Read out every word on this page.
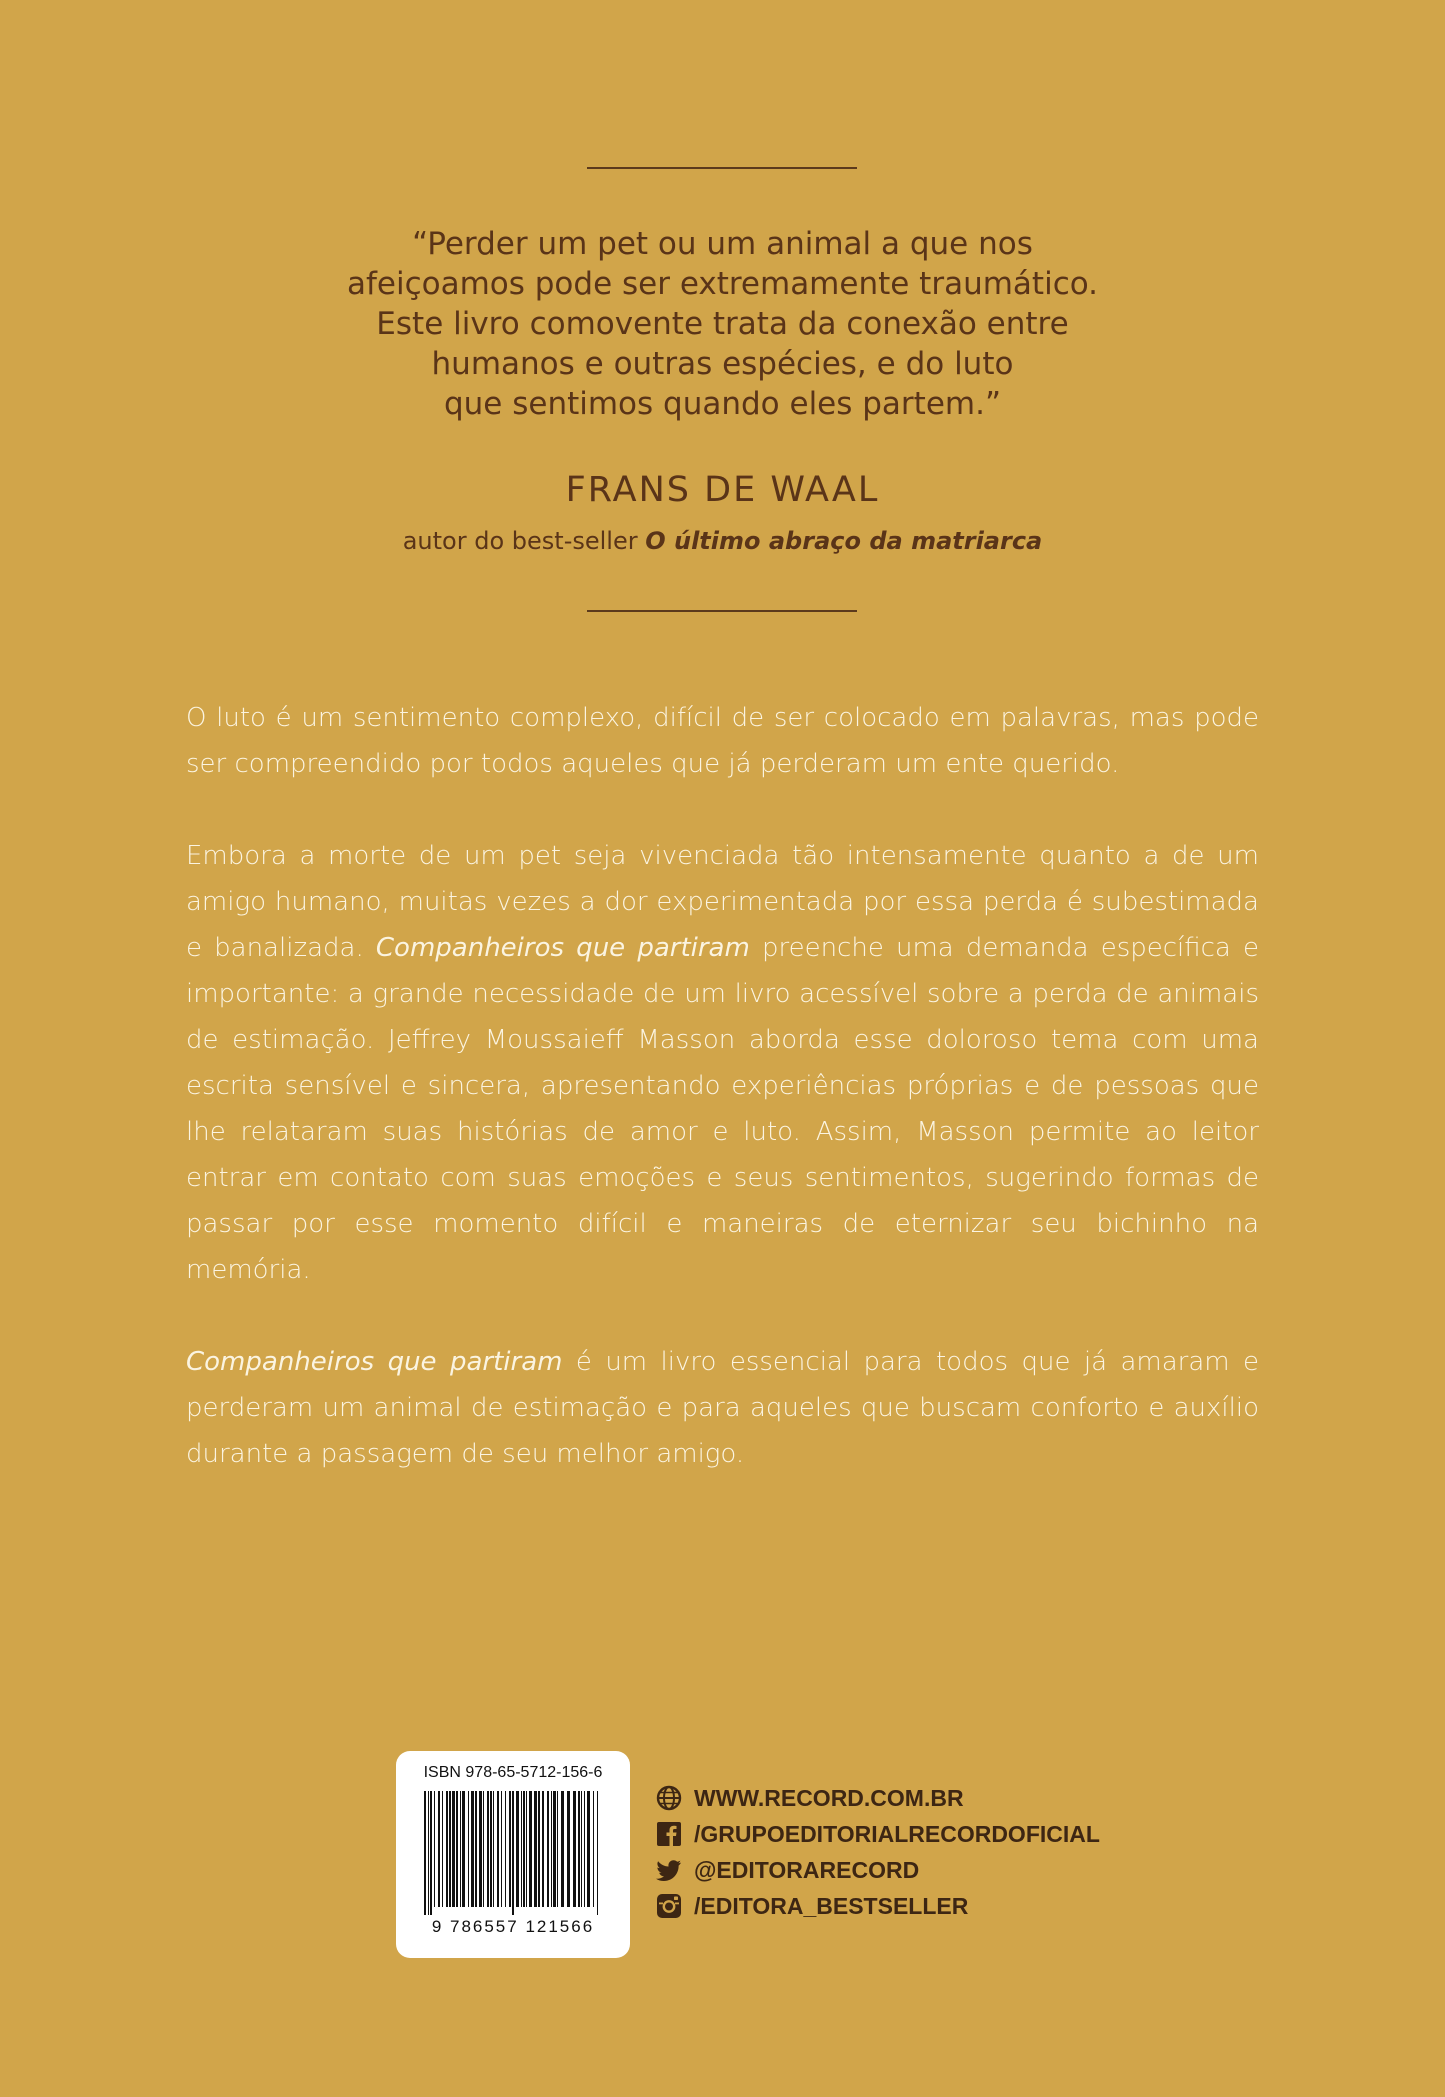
“Perder um pet ou um animal a que nos
afeiçoamos pode ser extremamente traumático.
Este livro comovente trata da conexão entre
humanos e outras espécies, e do luto
que sentimos quando eles partem.”
FRANS DE WAAL
autor do best-seller O último abraço da matriarca

O luto é um sentimento complexo, difícil de ser colocado em palavras, mas pode ser compreendido por todos aqueles que já perderam um ente querido.

Embora a morte de um pet seja vivenciada tão intensamente quanto a de um amigo humano, muitas vezes a dor experimentada por essa perda é subestimada e banalizada. Companheiros que partiram preenche uma demanda específica e importante: a grande necessidade de um livro acessível sobre a perda de animais de estimação. Jeffrey Moussaieff Masson aborda esse doloroso tema com uma escrita sensível e sincera, apresentando experiências próprias e de pessoas que lhe relataram suas histórias de amor e luto. Assim, Masson permite ao leitor entrar em contato com suas emoções e seus sentimentos, sugerindo formas de passar por esse momento difícil e maneiras de eternizar seu bichinho na memória.

Companheiros que partiram é um livro essencial para todos que já amaram e perderam um animal de estimação e para aqueles que buscam conforto e auxílio durante a passagem de seu melhor amigo.

ISBN 978-65-5712-156-6
9 786557 121566
WWW.RECORD.COM.BR
/GRUPOEDITORIALRECORDOFICIAL
@EDITORARECORD
/EDITORA_BESTSELLER
